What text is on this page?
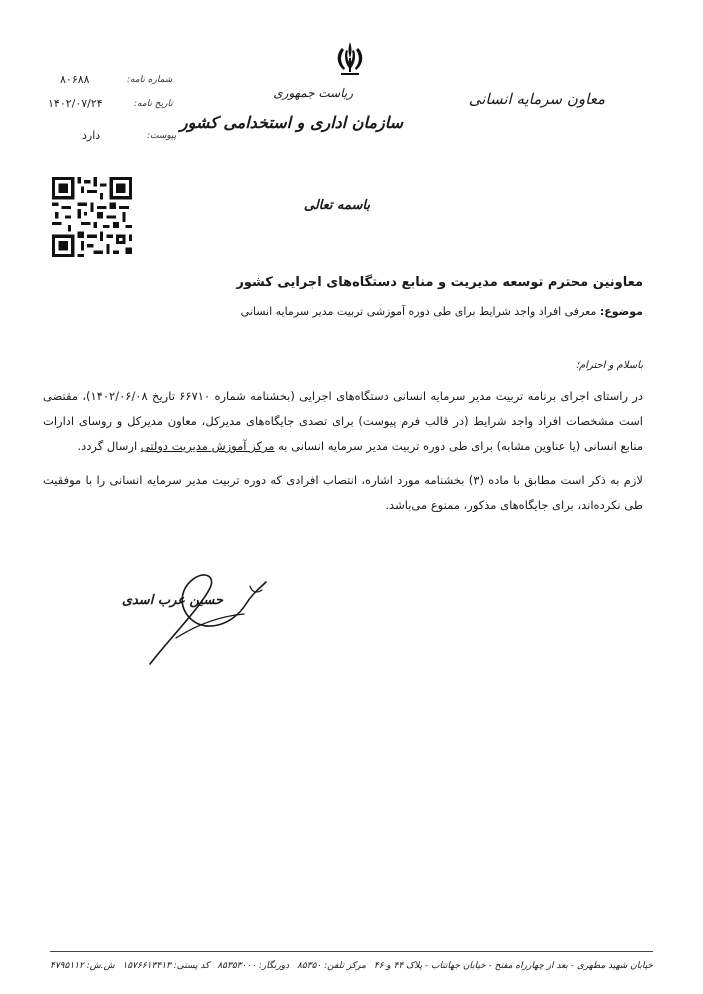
ریاست جمهوری
سازمان اداری و استخدامی کشور
معاون سرمایه انسانی
شماره نامه:
۸۰۶۸۸
تاریخ نامه:
۱۴۰۲/۰۷/۲۴
پیوست:
دارد
باسمه تعالی
معاونین محترم توسعه مدیریت و منابع دستگاه‌های اجرایی کشور
موضوع: معرفی افراد واجد شرایط برای طی دوره آموزشی تربیت مدیر سرمایه انسانی
باسلام و احترام؛
در راستای اجرای برنامه تربیت مدیر سرمایه انسانی دستگاه‌های اجرایی (بخشنامه شماره ۶۶۷۱۰ تاریخ ۱۴۰۲/۰۶/۰۸)، مقتضی است مشخصات افراد واجد شرایط (در قالب فرم پیوست) برای تصدی جایگاه‌های مدیرکل، معاون مدیرکل و روسای ادارات منابع انسانی (یا عناوین مشابه) برای طی دوره تربیت مدیر سرمایه انسانی به مرکز آموزش مدیریت دولتی ارسال گردد.
لازم به ذکر است مطابق با ماده (۳) بخشنامه مورد اشاره، انتصاب افرادی که دوره تربیت مدیر سرمایه انسانی را با موفقیت طی نکرده‌اند، برای جایگاه‌های مذکور، ممنوع می‌باشد.
حسین عرب اسدی
خیابان شهید مطهری - بعد از چهارراه مفتح - خیابان جهانتاب - پلاک ۴۴ و ۴۶
مرکز تلفن: ۸۵۳۵۰
دورنگار: ۸۵۳۵۳۰۰۰
کد پستی: ۱۵۷۶۶۱۳۴۱۳
ش.ش: ۴۷۹۵۱۱۲
